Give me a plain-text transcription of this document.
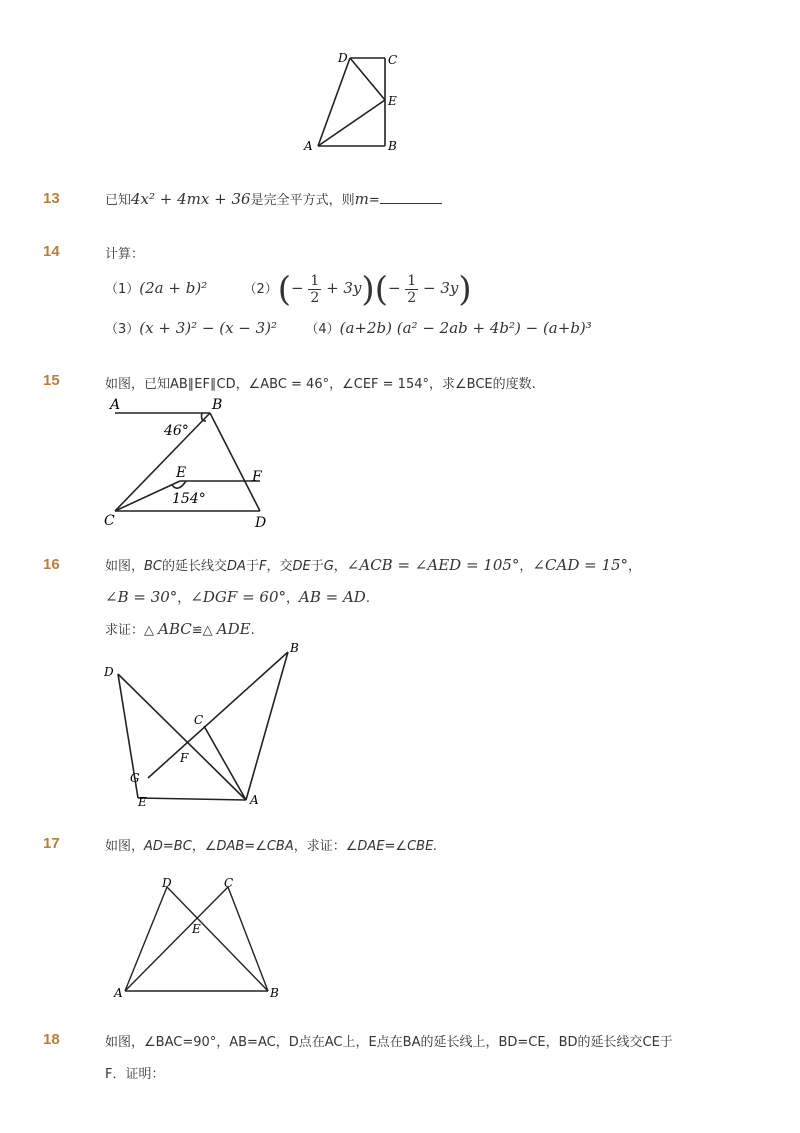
D	C
E
A	B
13	已知4x² + 4mx + 36是完全平方式，则m=
14	计算：
（1）(2a + b)²	$(2)(- \frac{1}{2} + 3y)(- \frac{1}{2} - 3y)$
（3）(x + 3)² − (x − 3)² （4）(a+2b) (a² − 2ab + 4b²) − (a+b)³
15	如图，已知AB∥EF∥CD，∠ABC = 46°，∠CEF = 154°，求∠BCE的度数.
A	B
E	F
C	D
46°
154°
16	如图，BC的延长线交DA于F，交DE于G，∠ACB = ∠AED = 105°，∠CAD = 15°，
∠B = 30°，∠DGF = 60°，AB = AD.
求证：△ ABC≌△ ADE.
D
B
C
F
G
E	A
17	如图，AD=BC，∠DAB=∠CBA，求证：∠DAE=∠CBE.
D	C
E
A	B
18	如图，∠BAC=90°，AB=AC，D点在AC上，E点在BA的延长线上，BD=CE，BD的延长线交CE于
F．证明：
